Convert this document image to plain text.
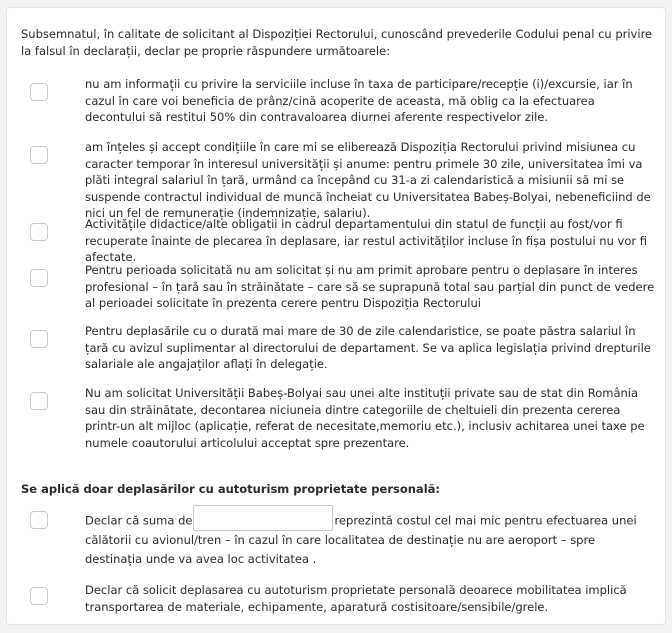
Subsemnatul, în calitate de solicitant al Dispoziției Rectorului, cunoscând prevederile Codului penal cu privire la falsul în declarații, declar pe proprie răspundere următoarele:

nu am informații cu privire la serviciile incluse în taxa de participare/recepție (i)/excursie, iar în cazul în care voi beneficia de prânz/cină acoperite de aceasta, mă oblig ca la efectuarea decontului să restitui 50% din contravaloarea diurnei aferente respectivelor zile.

am înțeles și accept condițiile în care mi se eliberează Dispoziția Rectorului privind misiunea cu caracter temporar în interesul universității și anume: pentru primele 30 zile, universitatea îmi va plăti integral salariul în țară, urmând ca începând cu 31-a zi calendaristică a misiunii să mi se suspende contractul individual de muncă încheiat cu Universitatea Babeș-Bolyai, nebeneficiind de nici un fel de remunerație (indemnizație, salariu).

Activitățile didactice/alte obligatii in cadrul departamentului din statul de funcții au fost/vor fi recuperate înainte de plecarea în deplasare, iar restul activităților incluse în fișa postului nu vor fi afectate.

Pentru perioada solicitată nu am solicitat și nu am primit aprobare pentru o deplasare în interes profesional – în țară sau în străinătate – care să se suprapună total sau parțial din punct de vedere al perioadei solicitate în prezenta cerere pentru Dispoziția Rectorului

Pentru deplasările cu o durată mai mare de 30 de zile calendaristice, se poate păstra salariul în țară cu avizul suplimentar al directorului de departament. Se va aplica legislația privind drepturile salariale ale angajaților aflați în delegație.

Nu am solicitat Universității Babeș-Bolyai sau unei alte instituții private sau de stat din România sau din străinătate, decontarea niciuneia dintre categoriile de cheltuieli din prezenta cererea printr-un alt mijloc (aplicație, referat de necesitate,memoriu etc.), inclusiv achitarea unei taxe pe numele coautorului articolului acceptat spre prezentare.

Se aplică doar deplasărilor cu autoturism proprietate personală:

Declar că suma de	reprezintă costul cel mai mic pentru efectuarea unei călătorii cu avionul/tren – în cazul în care localitatea de destinație nu are aeroport – spre destinația unde va avea loc activitatea .

Declar că solicit deplasarea cu autoturism proprietate personală deoarece mobilitatea implică transportarea de materiale, echipamente, aparatură costisitoare/sensibile/grele.
